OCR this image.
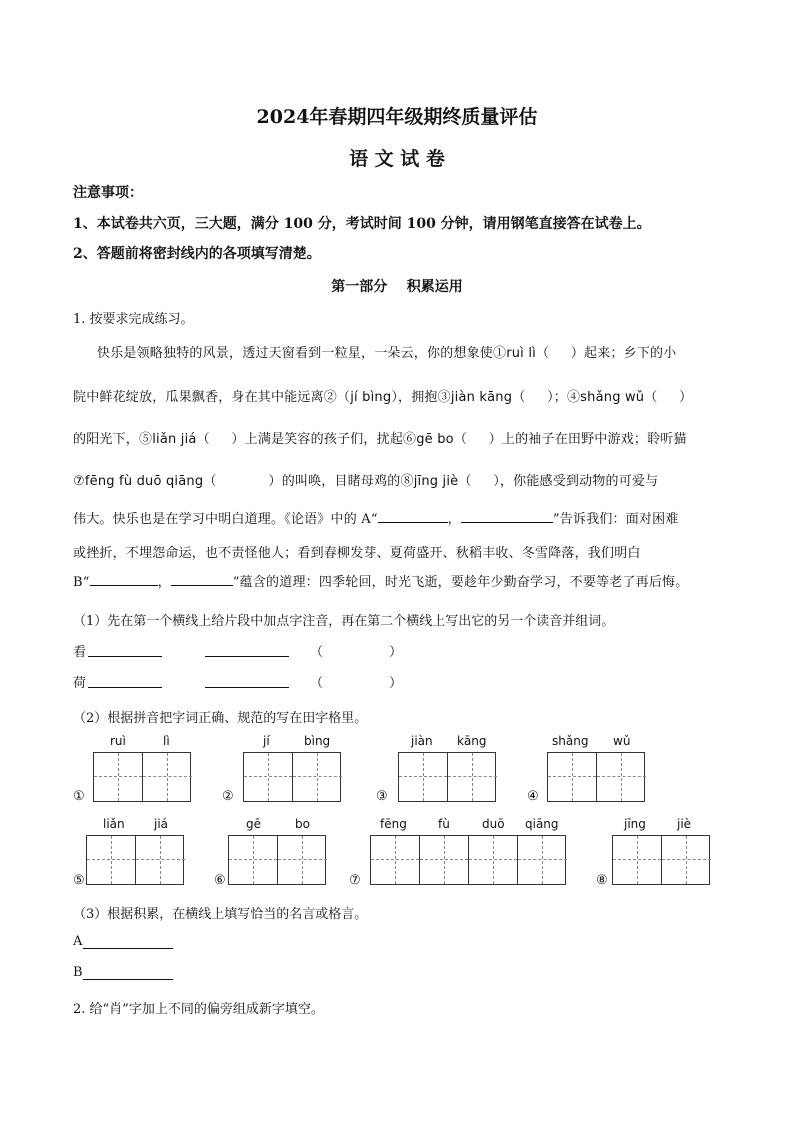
2024年春期四年级期终质量评估
语 文 试 卷
注意事项：
1、本试卷共六页，三大题，满分 100 分，考试时间 100 分钟，请用钢笔直接答在试卷上。
2、答题前将密封线内的各项填写清楚。
第一部分    积累运用
1. 按要求完成练习。
快乐是领略独特的风景，透过天窗看到一粒星，一朵云，你的想象使①ruì lì（     ）起来；乡下的小
院中鲜花绽放，瓜果飘香，身在其中能远离②（jí bìng），拥抱③jiàn kāng（     ）；④shǎng wǔ（     ）
的阳光下，⑤liǎn jiá（     ）上满是笑容的孩子们，扰起⑥gē bo（     ）上的袖子在田野中游戏；聆听猫
⑦fēng fù duō qiāng（            ）的叫唤，目睹母鸡的⑧jīng jiè（     ），你能感受到动物的可爱与
伟大。快乐也是在学习中明白道理。《论语》中的 A“	，	”告诉我们：面对困难
或挫折，不埋怨命运，也不责怪他人；看到春柳发芽、夏荷盛开、秋稻丰收、冬雪降落，我们明白
B“	，	”蕴含的道理：四季轮回，时光飞逝，要趁年少勤奋学习，不要等老了再后悔。
（1）先在第一个横线上给片段中加点字注音，再在第二个横线上写出它的另一个读音并组词。
看	（                ）
荷	（                ）
（2）根据拼音把字词正确、规范的写在田字格里。
ruì	lì
①
jí	bìng
②
jiàn kāng
③
shǎng wǔ
④
liǎn jiá
⑤
gē	bo
⑥
fēng	fù	duō qiāng
⑦
jīng	jiè
⑧
（3）根据积累，在横线上填写恰当的名言或格言。
A
B
2. 给“肖”字加上不同的偏旁组成新字填空。
